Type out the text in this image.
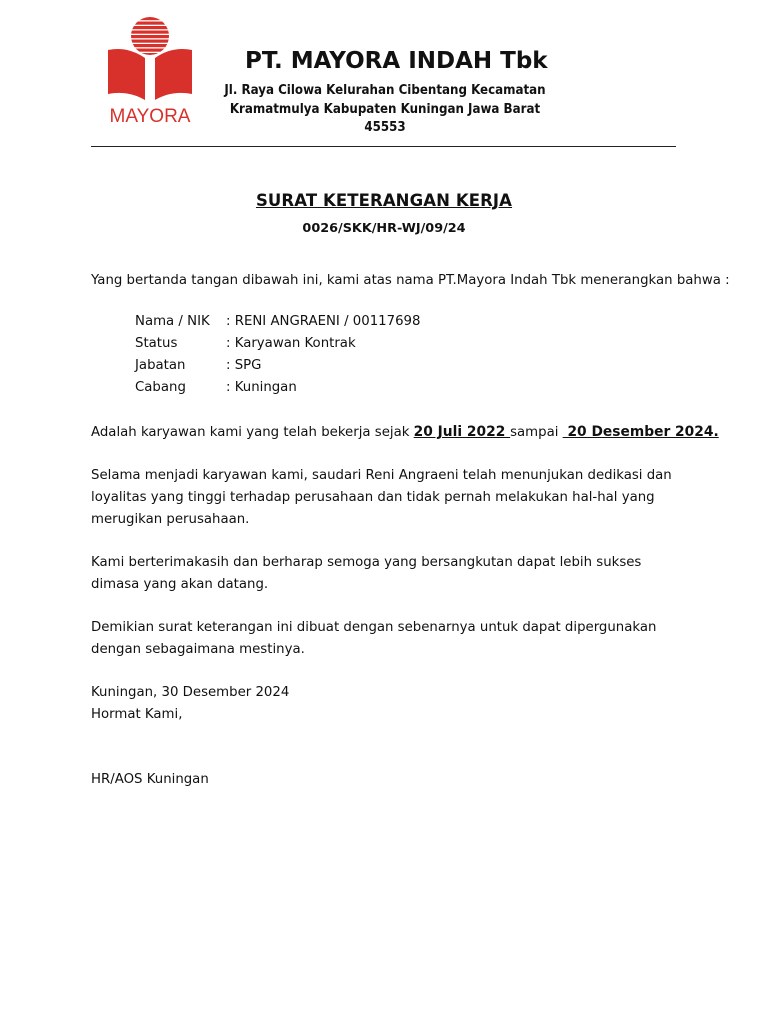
MAYORA
PT. MAYORA INDAH Tbk
Jl. Raya Cilowa Kelurahan Cibentang Kecamatan
Kramatmulya Kabupaten Kuningan Jawa Barat
45553
SURAT KETERANGAN KERJA
0026/SKK/HR-WJ/09/24
Yang bertanda tangan dibawah ini, kami atas nama PT.Mayora Indah Tbk menerangkan bahwa :
Nama / NIK : RENI ANGRAENI / 00117698
Status	: Karyawan Kontrak
Jabatan	: SPG
Cabang	: Kuningan
Adalah karyawan kami yang telah bekerja sejak 20 Juli 2022 sampai  20 Desember 2024.
Selama menjadi karyawan kami, saudari Reni Angraeni telah menunjukan dedikasi dan loyalitas yang tinggi terhadap perusahaan dan tidak pernah melakukan hal-hal yang merugikan perusahaan.
Kami berterimakasih dan berharap semoga yang bersangkutan dapat lebih sukses dimasa yang akan datang.
Demikian surat keterangan ini dibuat dengan sebenarnya untuk dapat dipergunakan dengan sebagaimana mestinya.
Kuningan, 30 Desember 2024
Hormat Kami,
HR/AOS Kuningan
